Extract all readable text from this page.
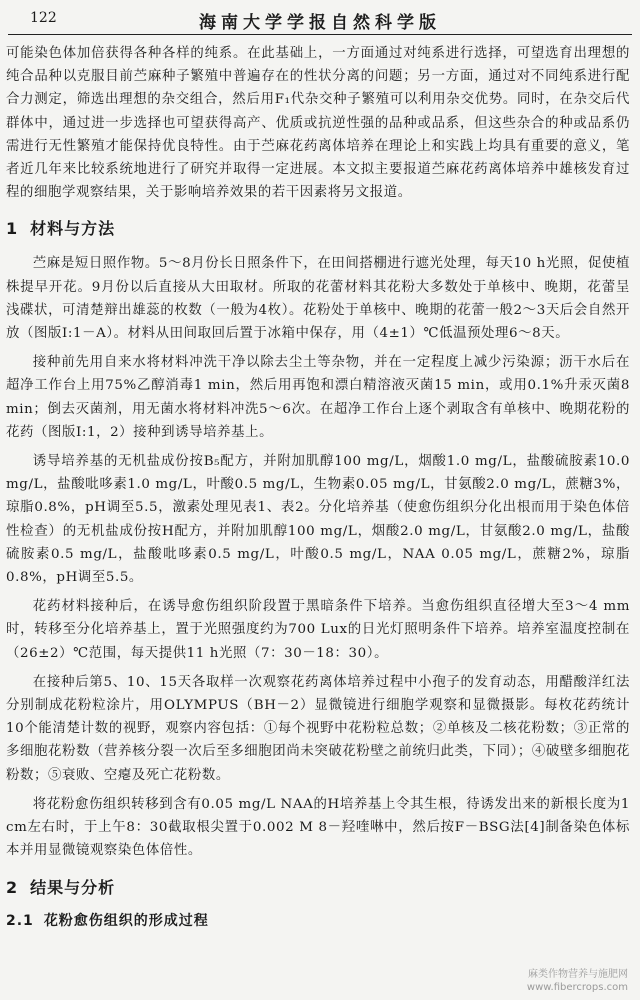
122	海南大学学报自然科学版

可能染色体加倍获得各种各样的纯系。在此基础上，一方面通过对纯系进行选择，可望选育出理想的纯合品种以克服目前苎麻种子繁殖中普遍存在的性状分离的问题；另一方面，通过对不同纯系进行配合力测定，筛选出理想的杂交组合，然后用F₁代杂交种子繁殖可以利用杂交优势。同时，在杂交后代群体中，通过进一步选择也可望获得高产、优质或抗逆性强的品种或品系，但这些杂合的种或品系仍需进行无性繁殖才能保持优良特性。由于苎麻花药离体培养在理论上和实践上均具有重要的意义，笔者近几年来比较系统地进行了研究并取得一定进展。本文拟主要报道苎麻花药离体培养中雄核发育过程的细胞学观察结果，关于影响培养效果的若干因素将另文报道。

1 材料与方法

苎麻是短日照作物。5～8月份长日照条件下，在田间搭棚进行遮光处理，每天10 h光照，促使植株提早开花。9月份以后直接从大田取材。所取的花蕾材料其花粉大多数处于单核中、晚期，花蕾呈浅碟状，可清楚辩出雄蕊的枚数（一般为4枚）。花粉处于单核中、晚期的花蕾一般2～3天后会自然开放（图版Ⅰ:1－A）。材料从田间取回后置于冰箱中保存，用（4±1）℃低温预处理6～8天。

接种前先用自来水将材料冲洗干净以除去尘土等杂物，并在一定程度上减少污染源；沥干水后在超净工作台上用75%乙醇消毒1 min，然后用再饱和漂白精溶液灭菌15 min，或用0.1%升汞灭菌8 min；倒去灭菌剂，用无菌水将材料冲洗5～6次。在超净工作台上逐个剥取含有单核中、晚期花粉的花药（图版Ⅰ:1，2）接种到诱导培养基上。

诱导培养基的无机盐成份按B₅配方，并附加肌醇100 mg/L，烟酸1.0 mg/L，盐酸硫胺素10.0 mg/L，盐酸吡哆素1.0 mg/L，叶酸0.5 mg/L，生物素0.05 mg/L，甘氨酸2.0 mg/L，蔗糖3%，琼脂0.8%，pH调至5.5，激素处理见表1、表2。分化培养基（使愈伤组织分化出根而用于染色体倍性检查）的无机盐成份按H配方，并附加肌醇100 mg/L，烟酸2.0 mg/L，甘氨酸2.0 mg/L，盐酸硫胺素0.5 mg/L，盐酸吡哆素0.5 mg/L，叶酸0.5 mg/L，NAA 0.05 mg/L，蔗糖2%，琼脂0.8%，pH调至5.5。

花药材料接种后，在诱导愈伤组织阶段置于黑暗条件下培养。当愈伤组织直径增大至3～4 mm时，转移至分化培养基上，置于光照强度约为700 Lux的日光灯照明条件下培养。培养室温度控制在（26±2）℃范围，每天提供11 h光照（7：30－18：30）。

在接种后第5、10、15天各取样一次观察花药离体培养过程中小孢子的发育动态，用醋酸洋红法分别制成花粉粒涂片，用OLYMPUS（BH－2）显微镜进行细胞学观察和显微摄影。每枚花药统计10个能清楚计数的视野，观察内容包括：①每个视野中花粉粒总数；②单核及二核花粉数；③正常的多细胞花粉数（营养核分裂一次后至多细胞团尚未突破花粉壁之前统归此类，下同）；④破壁多细胞花粉数；⑤衰败、空瘪及死亡花粉数。

将花粉愈伤组织转移到含有0.05 mg/L NAA的H培养基上令其生根，待诱发出来的新根长度为1 cm左右时，于上午8：30截取根尖置于0.002 M 8－羟喹啉中，然后按F－BSG法[4]制备染色体标本并用显微镜观察染色体倍性。

2 结果与分析
2.1 花粉愈伤组织的形成过程
麻类作物营养与施肥网
www.fibercrops.com
